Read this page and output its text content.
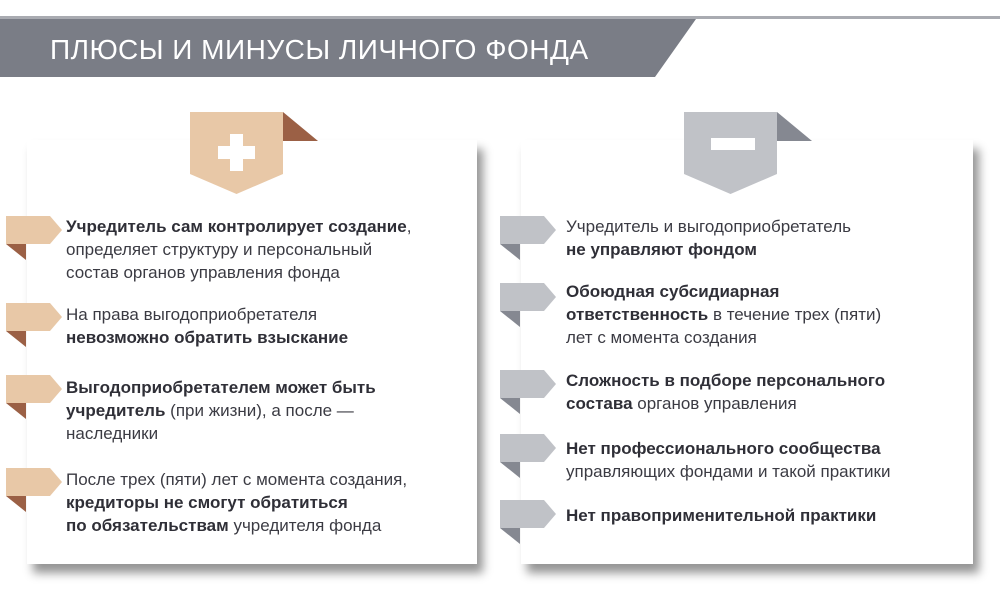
ПЛЮСЫ И МИНУСЫ ЛИЧНОГО ФОНДА
Учредитель сам контролирует создание,
определяет структуру и персональный
состав органов управления фонда
На права выгодоприобретателя
невозможно обратить взыскание
Выгодоприобретателем может быть
учредитель (при жизни), а после —
наследники
После трех (пяти) лет с момента создания,
кредиторы не смогут обратиться
по обязательствам учредителя фонда
Учредитель и выгодоприобретатель
не управляют фондом
Обоюдная субсидиарная
ответственность в течение трех (пяти)
лет с момента создания
Сложность в подборе персонального
состава органов управления
Нет профессионального сообщества
управляющих фондами и такой практики
Нет правоприменительной практики
